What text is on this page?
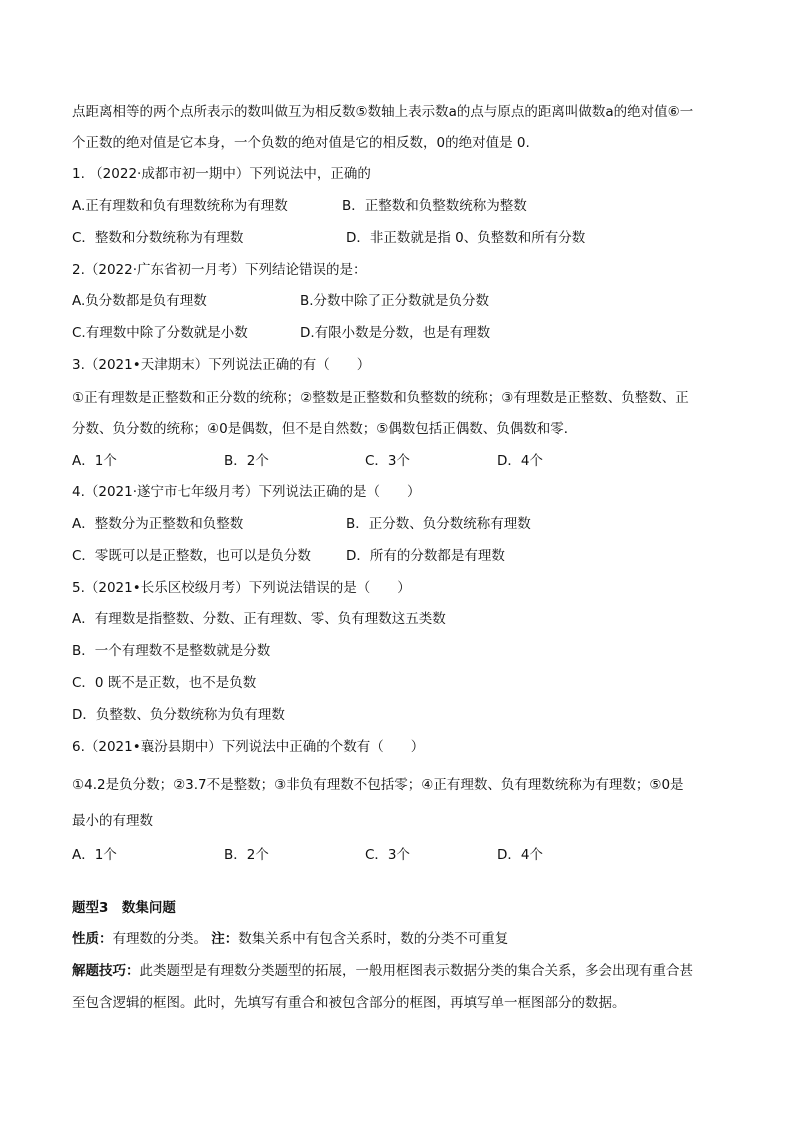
点距离相等的两个点所表示的数叫做互为相反数⑤数轴上表示数a的点与原点的距离叫做数a的绝对值⑥一
个正数的绝对值是它本身，一个负数的绝对值是它的相反数，0的绝对值是 0.
1. （2022·成都市初一期中）下列说法中，正确的
A.正有理数和负有理数统称为有理数	B．正整数和负整数统称为整数
C．整数和分数统称为有理数	D．非正数就是指 0、负整数和所有分数
2.（2022·广东省初一月考）下列结论错误的是：
A.负分数都是负有理数	B.分数中除了正分数就是负分数
C.有理数中除了分数就是小数	D.有限小数是分数，也是有理数
3.（2021•天津期末）下列说法正确的有（　　）
①正有理数是正整数和正分数的统称；②整数是正整数和负整数的统称；③有理数是正整数、负整数、正
分数、负分数的统称；④0是偶数，但不是自然数；⑤偶数包括正偶数、负偶数和零．
A．1个	B．2个	C．3个	D．4个
4.（2021·遂宁市七年级月考）下列说法正确的是（　　）
A．整数分为正整数和负整数	B．正分数、负分数统称有理数
C．零既可以是正整数，也可以是负分数	D．所有的分数都是有理数
5.（2021•长乐区校级月考）下列说法错误的是（　　）
A．有理数是指整数、分数、正有理数、零、负有理数这五类数
B．一个有理数不是整数就是分数
C．0 既不是正数，也不是负数
D．负整数、负分数统称为负有理数
6.（2021•襄汾县期中）下列说法中正确的个数有（　　）
①4.2是负分数；②3.7不是整数；③非负有理数不包括零；④正有理数、负有理数统称为有理数；⑤0是
最小的有理数
A．1个	B．2个	C．3个	D．4个
题型3　数集问题
性质：有理数的分类。 注：数集关系中有包含关系时，数的分类不可重复
解题技巧：此类题型是有理数分类题型的拓展，一般用框图表示数据分类的集合关系，多会出现有重合甚
至包含逻辑的框图。此时，先填写有重合和被包含部分的框图，再填写单一框图部分的数据。
